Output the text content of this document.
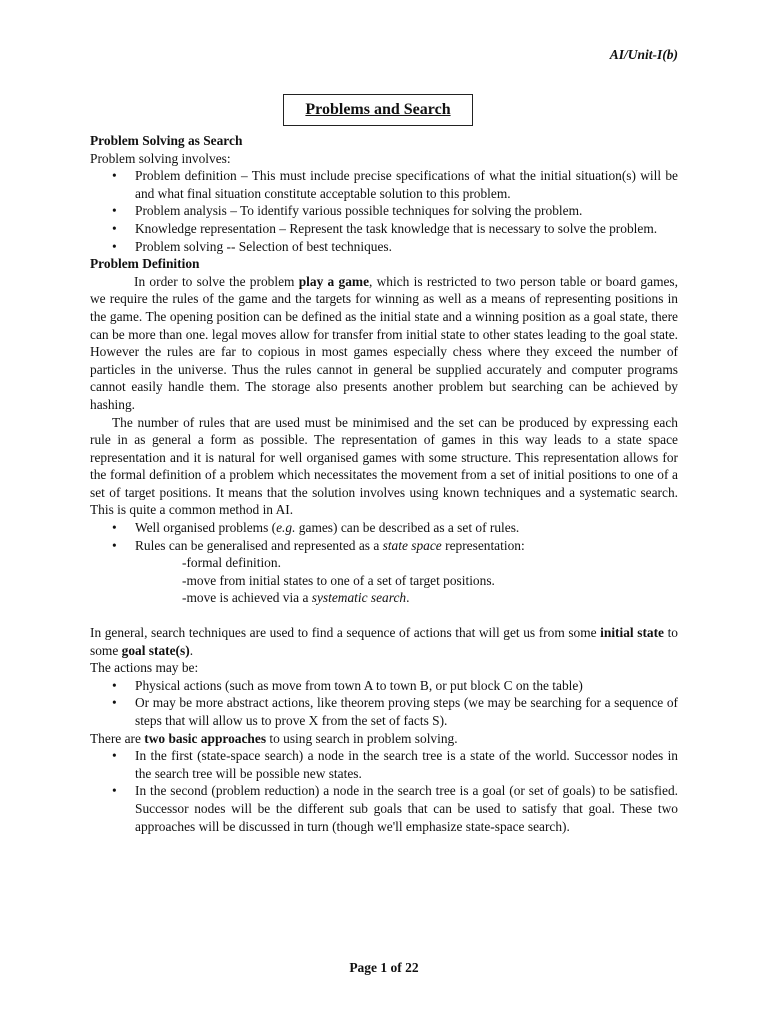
AI/Unit-I(b)
Problems and Search

Problem Solving as Search

Problem solving involves:

• Problem definition – This must include precise specifications of what the initial situation(s) will be and what final situation constitute acceptable solution to this problem.
• Problem analysis – To identify various possible techniques for solving the problem.
• Knowledge representation – Represent the task knowledge that is necessary to solve the problem.
• Problem solving -- Selection of best techniques.

Problem Definition

In order to solve the problem play a game, which is restricted to two person table or board games, we require the rules of the game and the targets for winning as well as a means of representing positions in the game. The opening position can be defined as the initial state and a winning position as a goal state, there can be more than one. legal moves allow for transfer from initial state to other states leading to the goal state. However the rules are far to copious in most games especially chess where they exceed the number of particles in the universe. Thus the rules cannot in general be supplied accurately and computer programs cannot easily handle them. The storage also presents another problem but searching can be achieved by hashing.

The number of rules that are used must be minimised and the set can be produced by expressing each rule in as general a form as possible. The representation of games in this way leads to a state space representation and it is natural for well organised games with some structure. This representation allows for the formal definition of a problem which necessitates the movement from a set of initial positions to one of a set of target positions. It means that the solution involves using known techniques and a systematic search. This is quite a common method in AI.

• Well organised problems (e.g. games) can be described as a set of rules.
• Rules can be generalised and represented as a state space representation:

-formal definition.

-move from initial states to one of a set of target positions.

-move is achieved via a systematic search.

In general, search techniques are used to find a sequence of actions that will get us from some initial state to some goal state(s).

The actions may be:

• Physical actions (such as move from town A to town B, or put block C on the table)
• Or may be more abstract actions, like theorem proving steps (we may be searching for a sequence of steps that will allow us to prove X from the set of facts S).

There are two basic approaches to using search in problem solving.

• In the first (state-space search) a node in the search tree is a state of the world. Successor nodes in the search tree will be possible new states.
• In the second (problem reduction) a node in the search tree is a goal (or set of goals) to be satisfied. Successor nodes will be the different sub goals that can be used to satisfy that goal. These two approaches will be discussed in turn (though we'll emphasize state-space search).
Page 1 of 22
